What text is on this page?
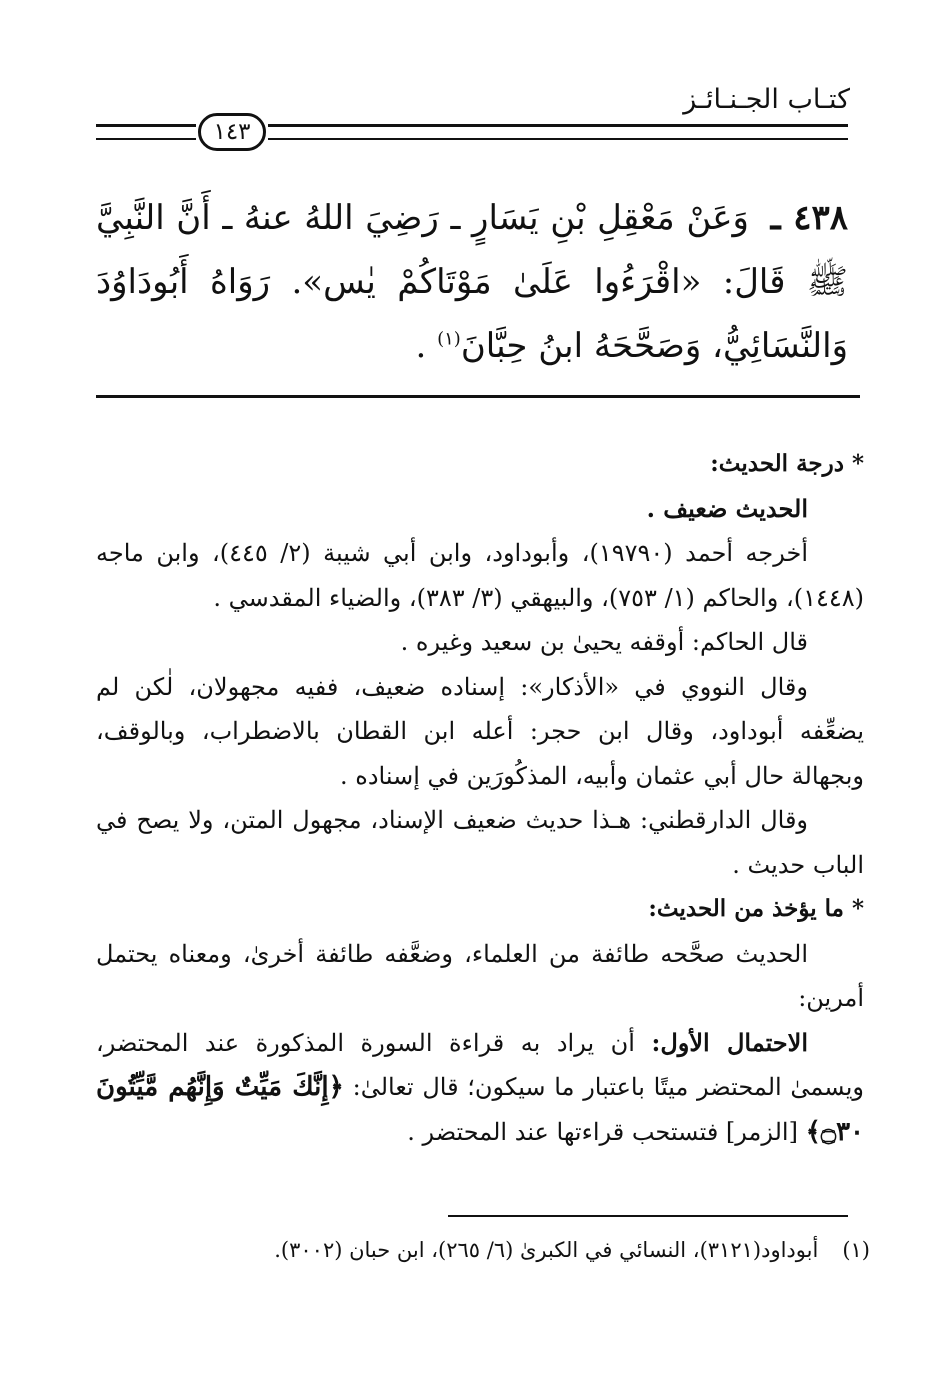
كتـاب الجـنـائـز
١٤٣
٤٣٨ ـ وَعَنْ مَعْقِلِ بْنِ يَسَارٍ ـ رَضِيَ اللهُ عنهُ ـ أَنَّ النَّبِيَّ ﷺ قَالَ: «اقْرَءُوا عَلَىٰ مَوْتَاكُمْ يٰس». رَوَاهُ أَبُودَاوُدَ وَالنَّسَائِيُّ، وَصَحَّحَهُ ابنُ حِبَّانَ$^{(١)}$ .

* درجة الحديث:

الحديث ضعيف .

أخرجه أحمد (١٩٧٩٠)، وأبوداود، وابن أبي شيبة (٢/ ٤٤٥)، وابن ماجه (١٤٤٨)، والحاكم (١/ ٧٥٣)، والبيهقي (٣/ ٣٨٣)، والضياء المقدسي .

قال الحاكم: أوقفه يحيىٰ بن سعيد وغيره .

وقال النووي في «الأذكار»: إسناده ضعيف، ففيه مجهولان، لٰكن لم يضعِّفه أبوداود، وقال ابن حجر: أعله ابن القطان بالاضطراب، وبالوقف، وبجهالة حال أبي عثمان وأبيه، المذكُورَين في إسناده .

وقال الدارقطني: هـذا حديث ضعيف الإسناد، مجهول المتن، ولا يصح في الباب حديث .

* ما يؤخذ من الحديث:

الحديث صحَّحه طائفة من العلماء، وضعَّفه طائفة أخرىٰ، ومعناه يحتمل أمرين:

الاحتمال الأول: أن يراد به قراءة السورة المذكورة عند المحتضر، ويسمىٰ المحتضر ميتًا باعتبار ما سيكون؛ قال تعالىٰ: ﴿إِنَّكَ مَيِّتٌ وَإِنَّهُم مَّيِّتُونَ ۝٣٠﴾ [الزمر] فتستحب قراءتها عند المحتضر .

(١)أبوداود(٣١٢١)، النسائي في الكبرىٰ (٦/ ٢٦٥)، ابن حبان (٣٠٠٢).
